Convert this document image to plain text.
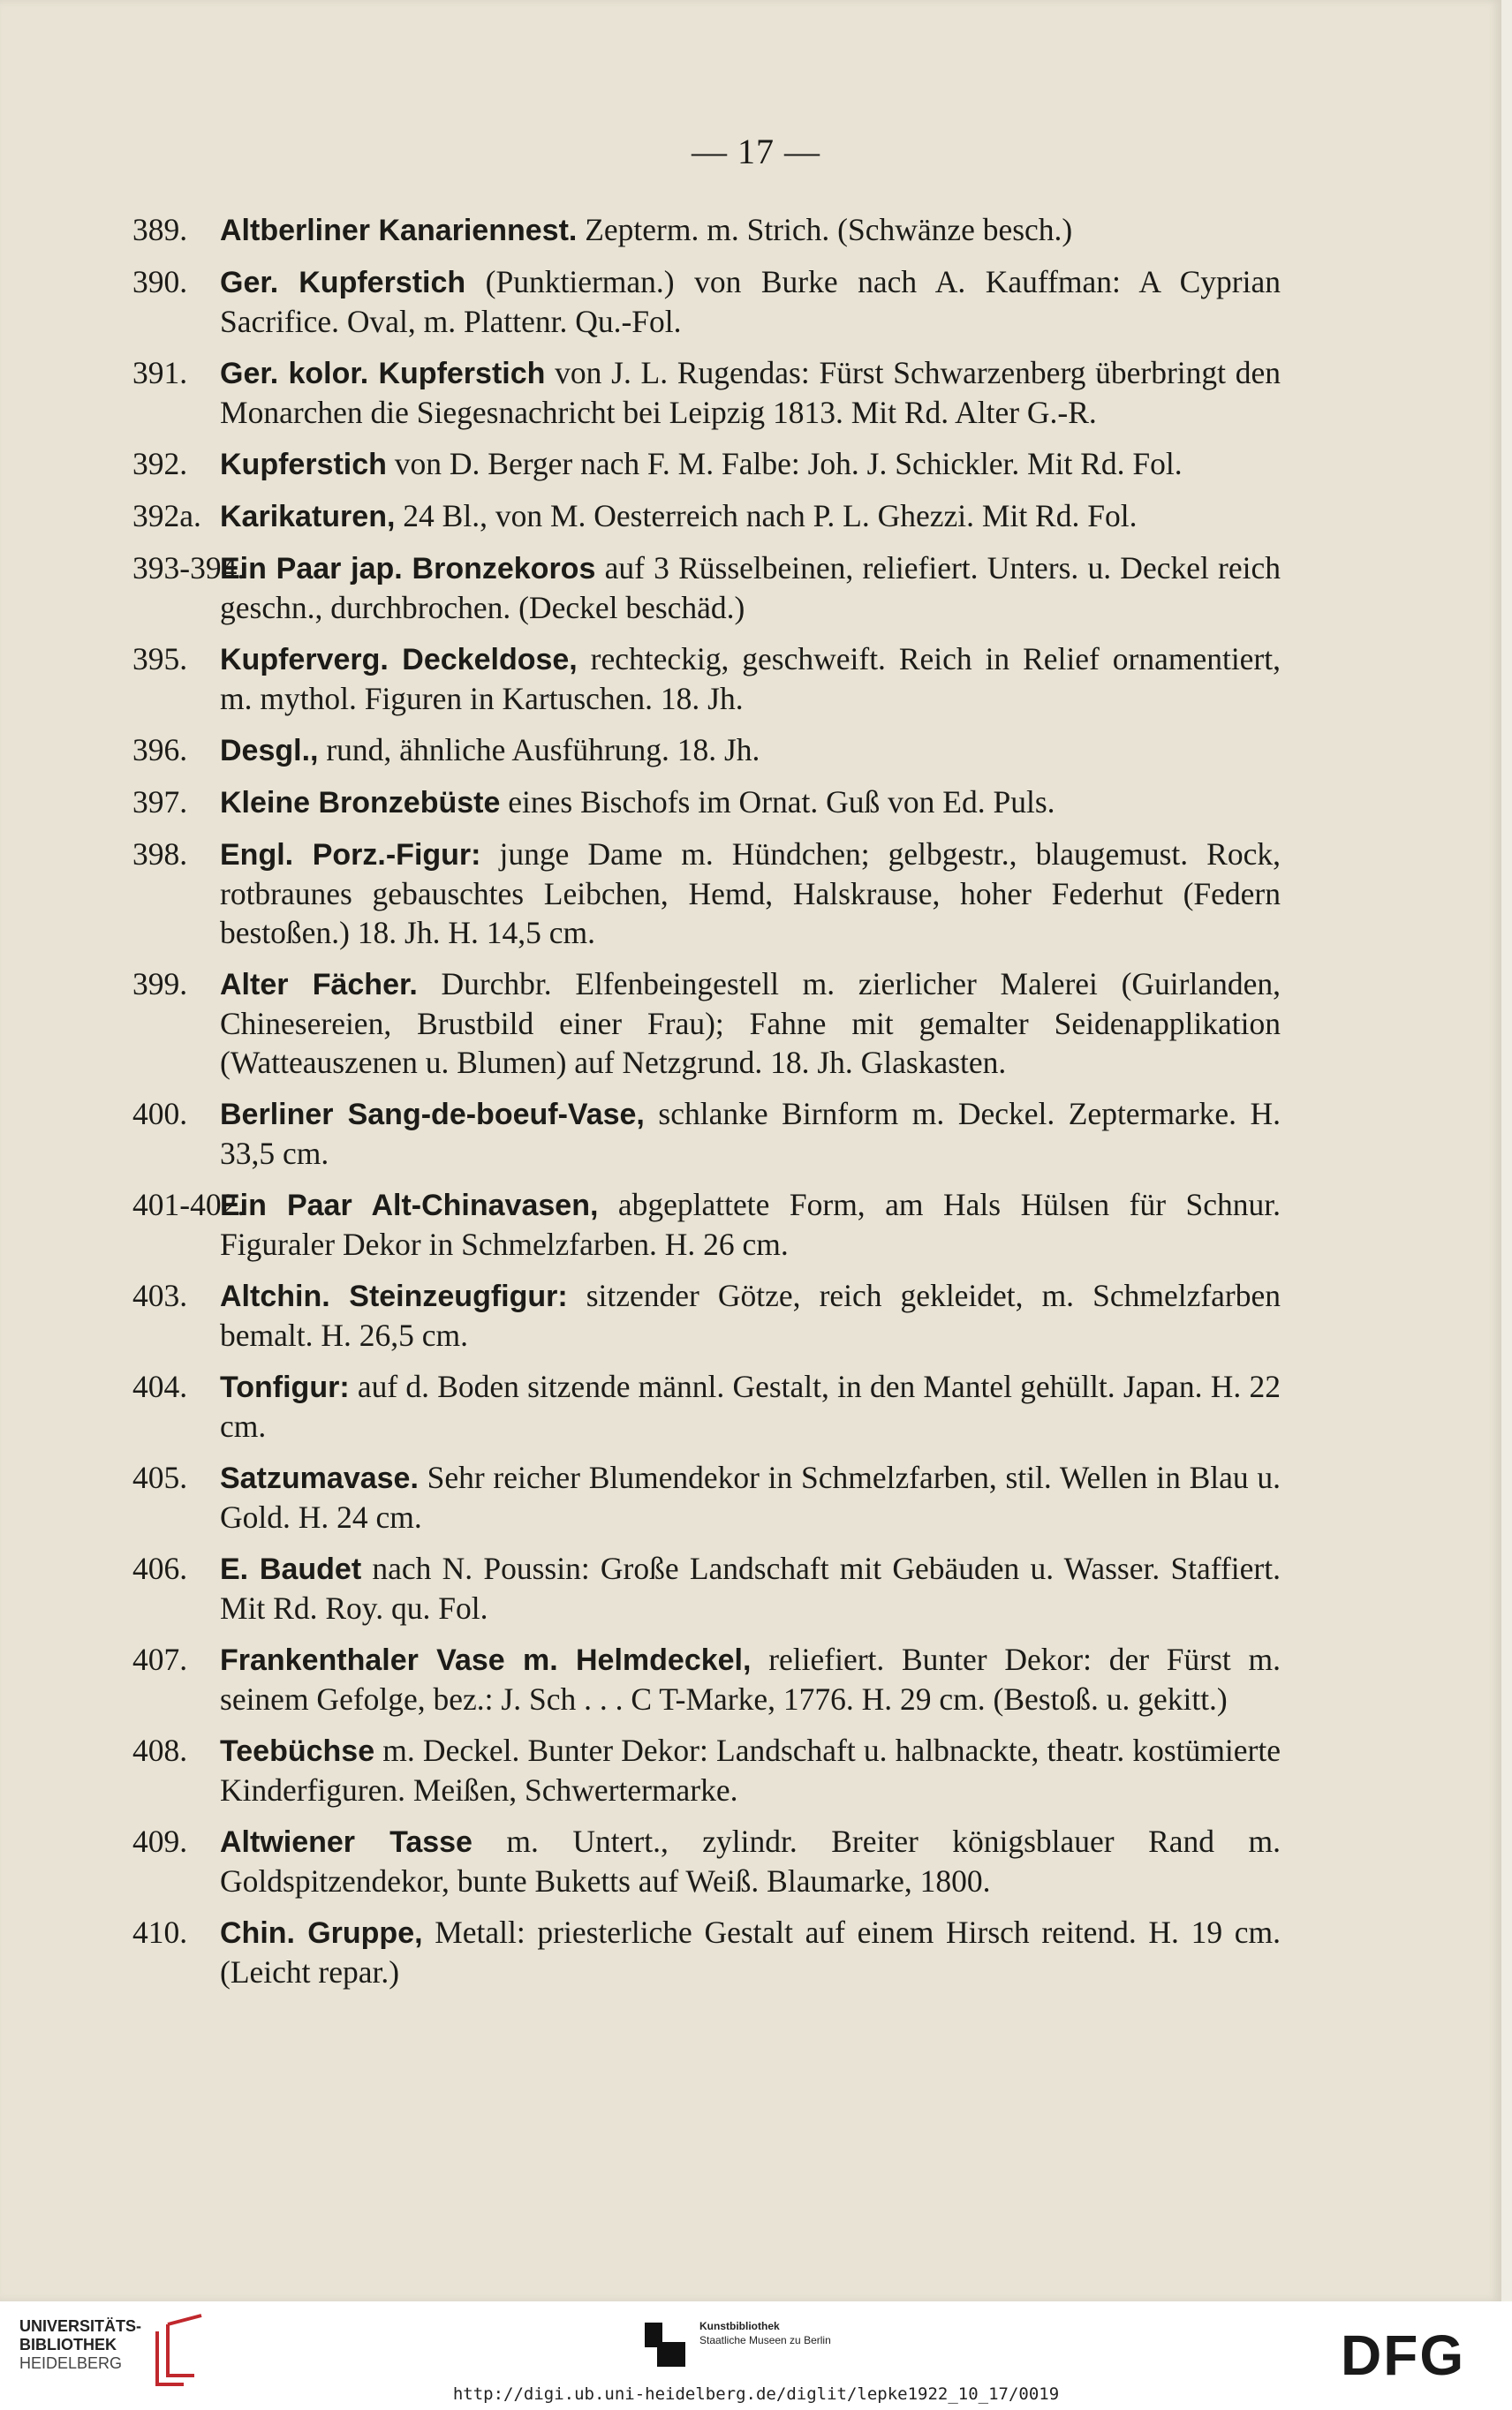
— 17 —
389. Altberliner Kanariennest. Zepterm. m. Strich. (Schwänze besch.)
390. Ger. Kupferstich (Punktierman.) von Burke nach A. Kauffman: A Cyprian Sacrifice. Oval, m. Plattenr. Qu.-Fol.
391. Ger. kolor. Kupferstich von J. L. Rugendas: Fürst Schwarzenberg überbringt den Monarchen die Siegesnachricht bei Leipzig 1813. Mit Rd. Alter G.-R.
392. Kupferstich von D. Berger nach F. M. Falbe: Joh. J. Schickler. Mit Rd. Fol.
392a. Karikaturen, 24 Bl., von M. Oesterreich nach P. L. Ghezzi. Mit Rd. Fol.
393-394.
Ein Paar jap. Bronzekoros auf 3 Rüsselbeinen, reliefiert. Unters. u. Deckel reich geschn., durchbrochen. (Deckel beschäd.)
395. Kupferverg. Deckeldose, rechteckig, geschweift. Reich in Relief ornamentiert, m. mythol. Figuren in Kartuschen. 18. Jh.
396. Desgl., rund, ähnliche Ausführung. 18. Jh.
397. Kleine Bronzebüste eines Bischofs im Ornat. Guß von Ed. Puls.
398. Engl. Porz.-Figur: junge Dame m. Hündchen; gelbgestr., blaugemust. Rock, rotbraunes gebauschtes Leibchen, Hemd, Halskrause, hoher Federhut (Federn bestoßen.) 18. Jh. H. 14,5 cm.
399. Alter Fächer. Durchbr. Elfenbeingestell m. zierlicher Malerei (Guirlanden, Chinesereien, Brustbild einer Frau); Fahne mit gemalter Seidenapplikation (Watteauszenen u. Blumen) auf Netzgrund. 18. Jh. Glaskasten.
400. Berliner Sang-de-boeuf-Vase, schlanke Birnform m. Deckel. Zeptermarke. H. 33,5 cm.
401-402.
Ein Paar Alt-Chinavasen, abgeplattete Form, am Hals Hülsen für Schnur. Figuraler Dekor in Schmelzfarben. H. 26 cm.
403. Altchin. Steinzeugfigur: sitzender Götze, reich gekleidet, m. Schmelzfarben bemalt. H. 26,5 cm.
404. Tonfigur: auf d. Boden sitzende männl. Gestalt, in den Mantel gehüllt. Japan. H. 22 cm.
405. Satzumavase. Sehr reicher Blumendekor in Schmelzfarben, stil. Wellen in Blau u. Gold. H. 24 cm.
406. E. Baudet nach N. Poussin: Große Landschaft mit Gebäuden u. Wasser. Staffiert. Mit Rd. Roy. qu. Fol.
407. Frankenthaler Vase m. Helmdeckel, reliefiert. Bunter Dekor: der Fürst m. seinem Gefolge, bez.: J. Sch . . . C T-Marke, 1776. H. 29 cm. (Bestoß. u. gekitt.)
408. Teebüchse m. Deckel. Bunter Dekor: Landschaft u. halbnackte, theatr. kostümierte Kinderfiguren. Meißen, Schwertermarke.
409. Altwiener Tasse m. Untert., zylindr. Breiter königsblauer Rand m. Goldspitzendekor, bunte Buketts auf Weiß. Blaumarke, 1800.
410. Chin. Gruppe, Metall: priesterliche Gestalt auf einem Hirsch reitend. H. 19 cm. (Leicht repar.)
UNIVERSITÄTS-
BIBLIOTHEK
HEIDELBERG
Kunstbibliothek
Staatliche Museen zu Berlin	DFG
http://digi.ub.uni-heidelberg.de/diglit/lepke1922_10_17/0019
